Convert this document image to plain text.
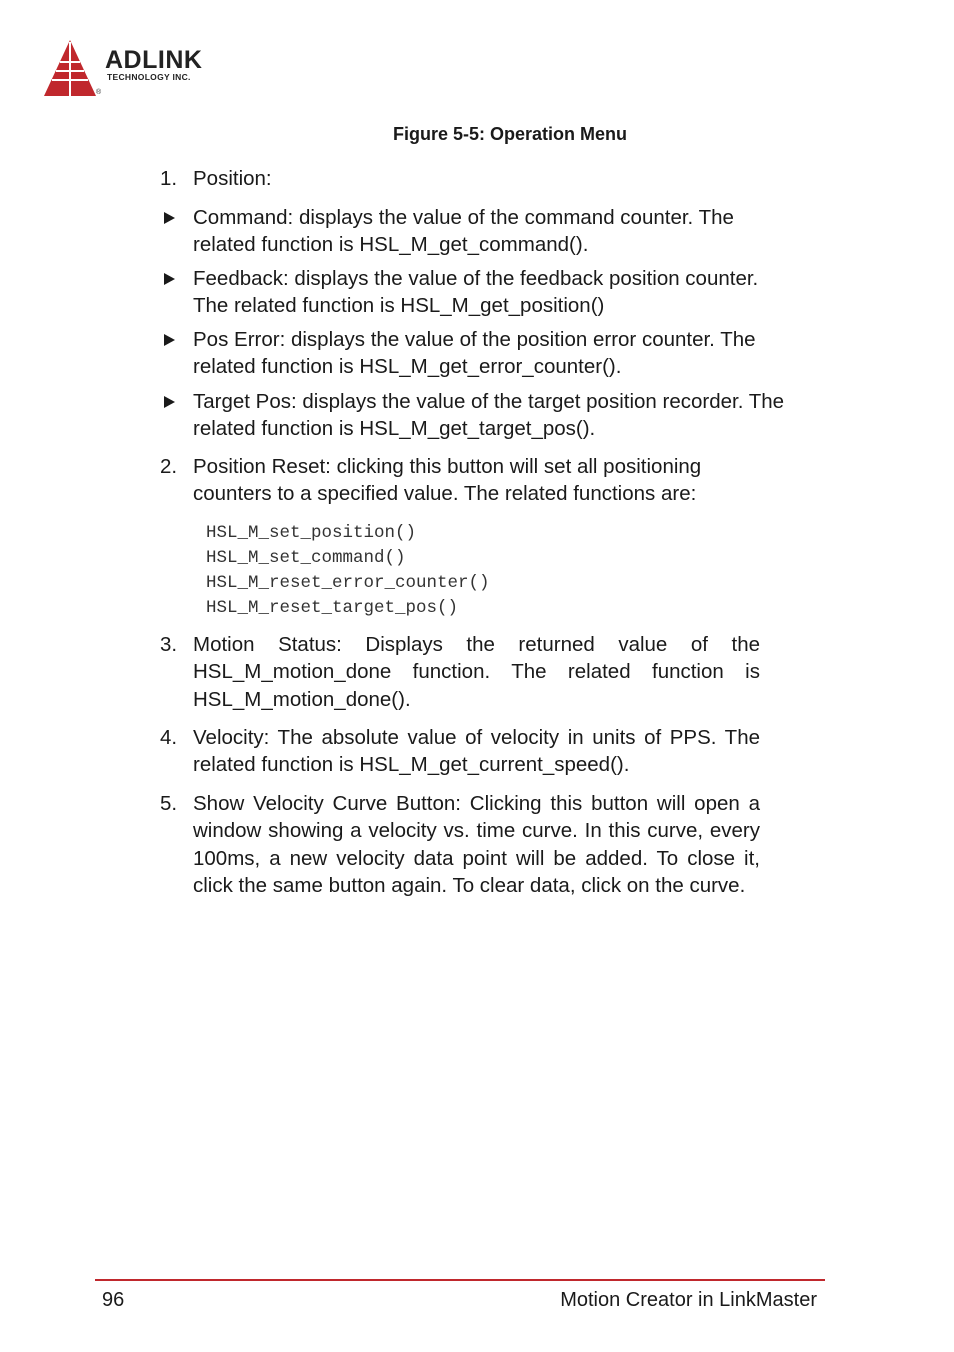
ADLINK
TECHNOLOGY INC.
®
Figure 5-5: Operation Menu
1. Position:
Command: displays the value of the command counter. The related function is HSL_M_get_command().
Feedback: displays the value of the feedback position counter. The related function is HSL_M_get_position()
Pos Error: displays the value of the position error counter. The related function is HSL_M_get_error_counter().
Target Pos: displays the value of the target position recorder. The related function is HSL_M_get_target_pos().
2. Position Reset: clicking this button will set all positioning counters to a specified value. The related functions are:
HSL_M_set_position()
HSL_M_set_command()
HSL_M_reset_error_counter()
HSL_M_reset_target_pos()
3. Motion Status: Displays the returned value of the HSL_M_motion_done function. The related function is HSL_M_motion_done().
4. Velocity: The absolute value of velocity in units of PPS. The related function is HSL_M_get_current_speed().
5. Show Velocity Curve Button: Clicking this button will open a window showing a velocity vs. time curve. In this curve, every 100ms, a new velocity data point will be added. To close it, click the same button again. To clear data, click on the curve.
96	Motion Creator in LinkMaster
